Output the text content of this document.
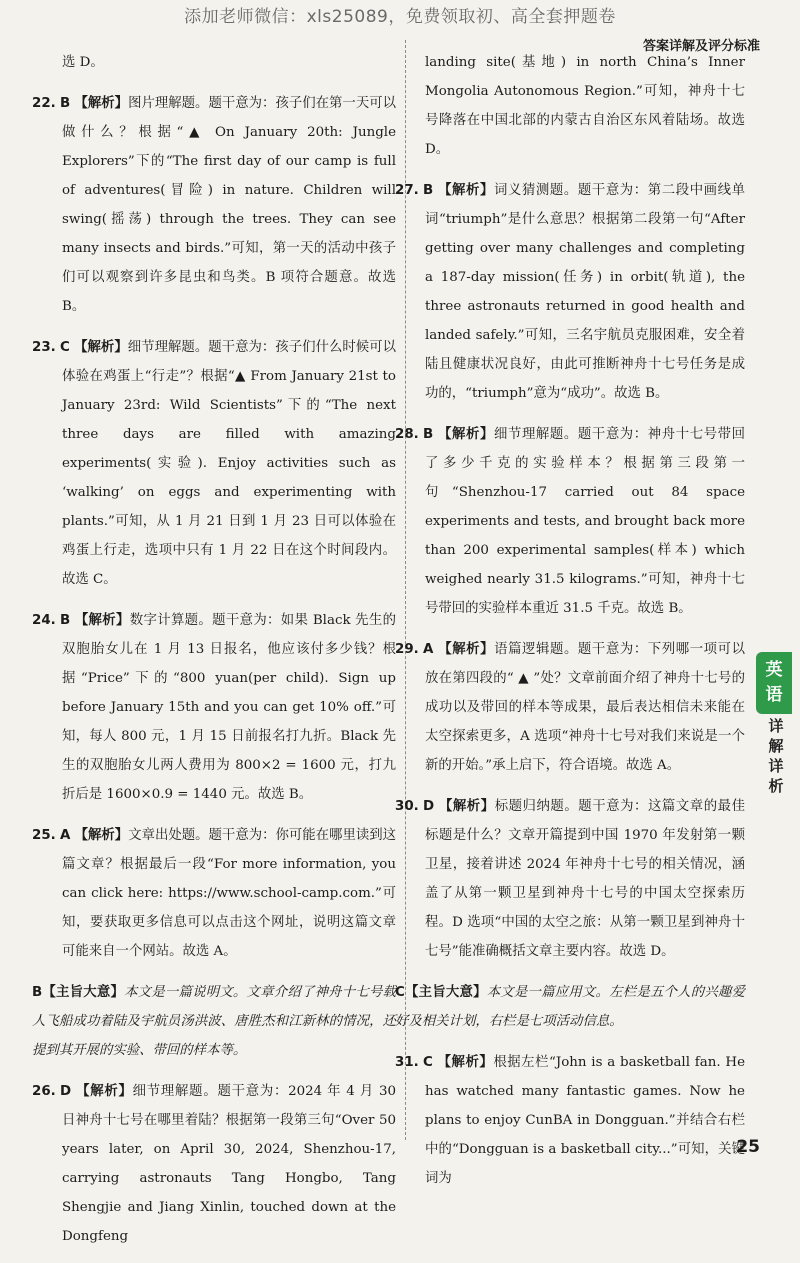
添加老师微信：xls25089，免费领取初、高全套押题卷
答案详解及评分标准

选 D。

22. B 【解析】图片理解题。题干意为：孩子们在第一天可以做什么？根据“▲ On January 20th: Jungle Explorers”下的“The first day of our camp is full of adventures(冒险) in nature. Children will swing(摇荡) through the trees. They can see many insects and birds.”可知，第一天的活动中孩子们可以观察到许多昆虫和鸟类。B 项符合题意。故选 B。

23. C 【解析】细节理解题。题干意为：孩子们什么时候可以体验在鸡蛋上“行走”？根据“▲ From January 21st to January 23rd: Wild Scientists”下的“The next three days are filled with amazing experiments(实验). Enjoy activities such as ‘walking’ on eggs and experimenting with plants.”可知，从 1 月 21 日到 1 月 23 日可以体验在鸡蛋上行走，选项中只有 1 月 22 日在这个时间段内。故选 C。

24. B 【解析】数字计算题。题干意为：如果 Black 先生的双胞胎女儿在 1 月 13 日报名，他应该付多少钱？根据“Price”下的“800 yuan(per child). Sign up before January 15th and you can get 10% off.”可知，每人 800 元，1 月 15 日前报名打九折。Black 先生的双胞胎女儿两人费用为 800×2 = 1600 元，打九折后是 1600×0.9 = 1440 元。故选 B。

25. A 【解析】文章出处题。题干意为：你可能在哪里读到这篇文章？根据最后一段“For more information, you can click here: https://www.school-camp.com.”可知，要获取更多信息可以点击这个网址，说明这篇文章可能来自一个网站。故选 A。

B【主旨大意】本文是一篇说明文。文章介绍了神舟十七号载人飞船成功着陆及宇航员汤洪波、唐胜杰和江新林的情况，还提到其开展的实验、带回的样本等。

26. D 【解析】细节理解题。题干意为：2024 年 4 月 30 日神舟十七号在哪里着陆？根据第一段第三句“Over 50 years later, on April 30, 2024, Shenzhou-17, carrying astronauts Tang Hongbo, Tang Shengjie and Jiang Xinlin, touched down at the Dongfeng

landing site(基地) in north China’s Inner Mongolia Autonomous Region.”可知，神舟十七号降落在中国北部的内蒙古自治区东风着陆场。故选 D。

27. B 【解析】词义猜测题。题干意为：第二段中画线单词“triumph”是什么意思？根据第二段第一句“After getting over many challenges and completing a 187-day mission(任务) in orbit(轨道), the three astronauts returned in good health and landed safely.”可知，三名宇航员克服困难，安全着陆且健康状况良好，由此可推断神舟十七号任务是成功的，“triumph”意为“成功”。故选 B。

28. B 【解析】细节理解题。题干意为：神舟十七号带回了多少千克的实验样本？根据第三段第一句“Shenzhou-17 carried out 84 space experiments and tests, and brought back more than 200 experimental samples(样本) which weighed nearly 31.5 kilograms.”可知，神舟十七号带回的实验样本重近 31.5 千克。故选 B。

29. A 【解析】语篇逻辑题。题干意为：下列哪一项可以放在第四段的“ ▲ ”处？文章前面介绍了神舟十七号的成功以及带回的样本等成果，最后表达相信未来能在太空探索更多，A 选项“神舟十七号对我们来说是一个新的开始。”承上启下，符合语境。故选 A。

30. D 【解析】标题归纳题。题干意为：这篇文章的最佳标题是什么？文章开篇提到中国 1970 年发射第一颗卫星，接着讲述 2024 年神舟十七号的相关情况，涵盖了从第一颗卫星到神舟十七号的中国太空探索历程。D 选项“中国的太空之旅：从第一颗卫星到神舟十七号”能准确概括文章主要内容。故选 D。

C【主旨大意】本文是一篇应用文。左栏是五个人的兴趣爱好及相关计划，右栏是七项活动信息。

31. C 【解析】根据左栏“John is a basketball fan. He has watched many fantastic games. Now he plans to enjoy CunBA in Dongguan.”并结合右栏中的“Dongguan is a basketball city...”可知，关键词为

英
语
详解详析
25
